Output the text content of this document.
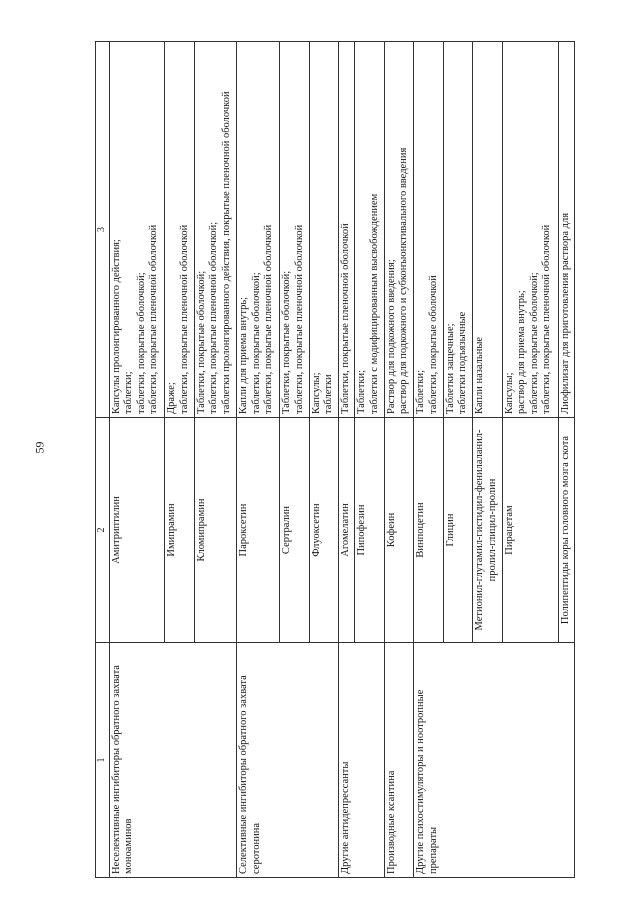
59
1	2	3
Неселективные ингибиторы обратного захвата моноаминов	Амитриптилин	Капсулы пролонгированного действия; таблетки; таблетки, покрытые оболочкой; таблетки, покрытые пленочной оболочкой

	Имипрамин	Драже; таблетки, покрытые пленочной оболочкой

	Кломипрамин	Таблетки, покрытые оболочкой; таблетки, покрытые пленочной оболочкой; таблетки пролонгированного действия, покрытые пленочной оболочкой

Селективные ингибиторы обратного захвата серотонина	Пароксетин	Капли для приема внутрь; таблетки, покрытые оболочкой; таблетки, покрытые пленочной оболочкой

	Сертралин	Таблетки, покрытые оболочкой; таблетки, покрытые пленочной оболочкой

	Флуоксетин	Капсулы; таблетки

Другие антидепрессанты	Агомелатин	Таблетки, покрытые пленочной оболочкой

	Пипофезин	Таблетки; таблетки с модифицированным высвобождением

Производные ксантина	Кофеин	Раствор для подкожного введения; раствор для подкожного и субконъюнктивального введения

Другие психостимуляторы и ноотропные препараты	Винпоцетин	Таблетки; таблетки, покрытые оболочкой

	Глицин	Таблетки защечные; таблетки подъязычные

	Метионил-глутамил-гистидил-фенилаланил-пролил-глицил-пролин	Капли назальные

	Пирацетам	Капсулы; раствор для приема внутрь; таблетки, покрытые оболочкой; таблетки, покрытые пленочной оболочкой

	Полипептиды коры головного мозга скота	Лиофилизат для приготовления раствора для
